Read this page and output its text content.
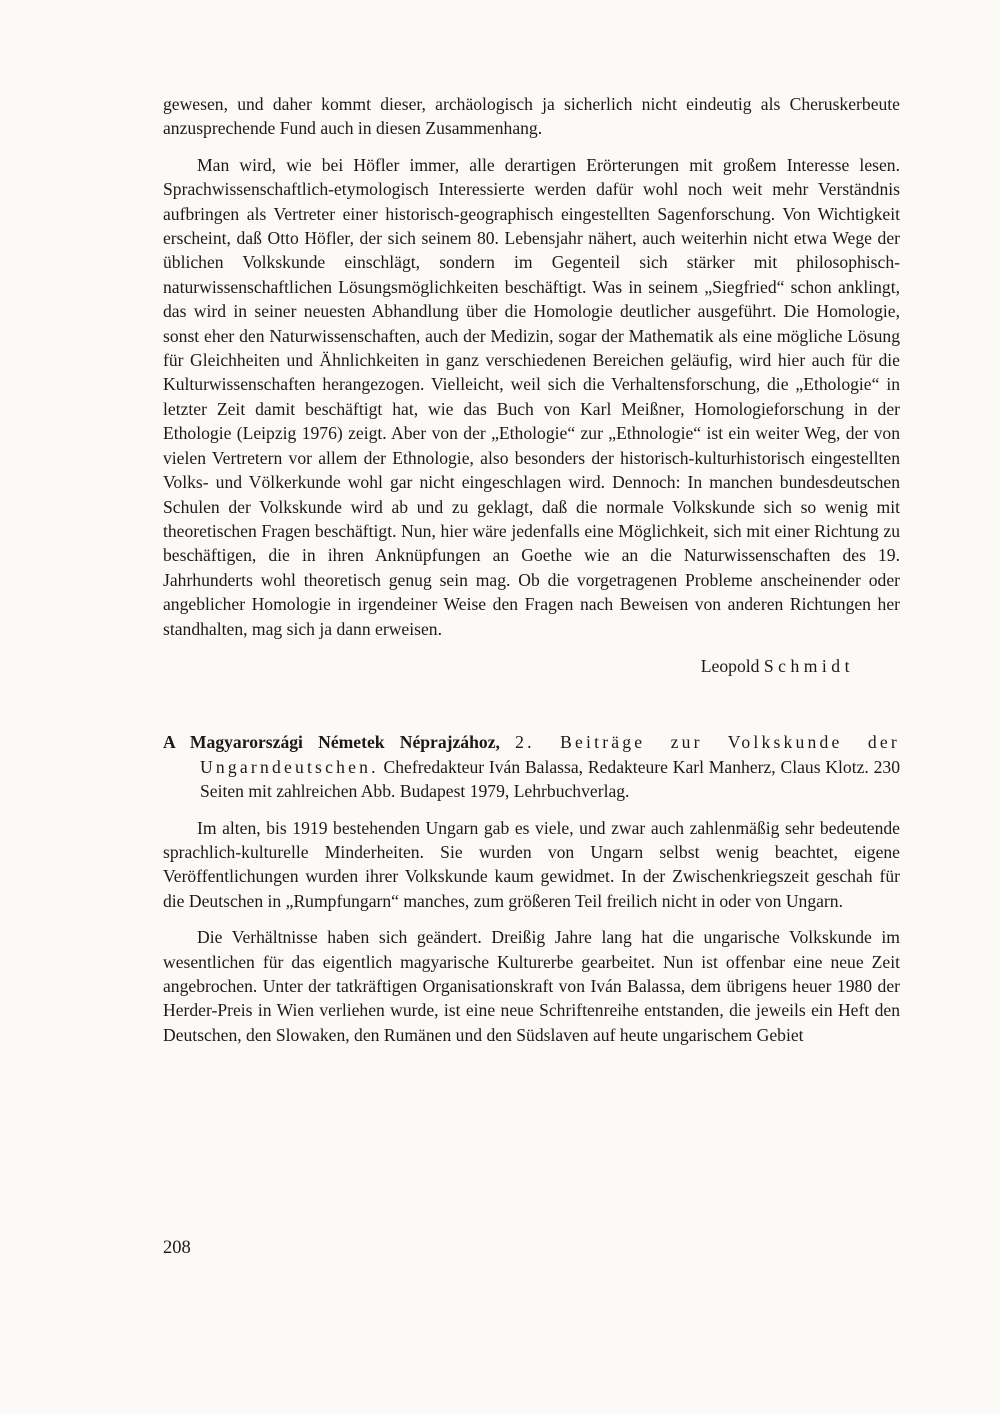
gewesen, und daher kommt dieser, archäologisch ja sicherlich nicht eindeutig als Cheruskerbeute anzusprechende Fund auch in diesen Zusammenhang.

Man wird, wie bei Höfler immer, alle derartigen Erörterungen mit großem Interesse lesen. Sprachwissenschaftlich-etymologisch Interessierte werden dafür wohl noch weit mehr Verständnis aufbringen als Vertreter einer historisch-geographisch eingestellten Sagenforschung. Von Wichtigkeit erscheint, daß Otto Höfler, der sich seinem 80. Lebensjahr nähert, auch weiterhin nicht etwa Wege der üblichen Volkskunde einschlägt, sondern im Gegenteil sich stärker mit philosophisch-naturwissenschaftlichen Lösungsmöglichkeiten beschäftigt. Was in seinem „Siegfried“ schon anklingt, das wird in seiner neuesten Abhandlung über die Homologie deutlicher ausgeführt. Die Homologie, sonst eher den Naturwissenschaften, auch der Medizin, sogar der Mathematik als eine mögliche Lösung für Gleichheiten und Ähnlichkeiten in ganz verschiedenen Bereichen geläufig, wird hier auch für die Kulturwissenschaften herangezogen. Vielleicht, weil sich die Verhaltensforschung, die „Ethologie“ in letzter Zeit damit beschäftigt hat, wie das Buch von Karl Meißner, Homologieforschung in der Ethologie (Leipzig 1976) zeigt. Aber von der „Ethologie“ zur „Ethnologie“ ist ein weiter Weg, der von vielen Vertretern vor allem der Ethnologie, also besonders der historisch-kulturhistorisch eingestellten Volks- und Völkerkunde wohl gar nicht eingeschlagen wird. Dennoch: In manchen bundesdeutschen Schulen der Volkskunde wird ab und zu geklagt, daß die normale Volkskunde sich so wenig mit theoretischen Fragen beschäftigt. Nun, hier wäre jedenfalls eine Möglichkeit, sich mit einer Richtung zu beschäftigen, die in ihren Anknüpfungen an Goethe wie an die Naturwissenschaften des 19. Jahrhunderts wohl theoretisch genug sein mag. Ob die vorgetragenen Probleme anscheinender oder angeblicher Homologie in irgendeiner Weise den Fragen nach Beweisen von anderen Richtungen her standhalten, mag sich ja dann erweisen.

Leopold Schmidt

A Magyarországi Németek Néprajzához, 2. Beiträge zur Volkskunde der Ungarndeutschen. Chefredakteur Iván Balassa, Redakteure Karl Manherz, Claus Klotz. 230 Seiten mit zahlreichen Abb. Budapest 1979, Lehrbuchverlag.

Im alten, bis 1919 bestehenden Ungarn gab es viele, und zwar auch zahlenmäßig sehr bedeutende sprachlich-kulturelle Minderheiten. Sie wurden von Ungarn selbst wenig beachtet, eigene Veröffentlichungen wurden ihrer Volkskunde kaum gewidmet. In der Zwischenkriegszeit geschah für die Deutschen in „Rumpfungarn“ manches, zum größeren Teil freilich nicht in oder von Ungarn.

Die Verhältnisse haben sich geändert. Dreißig Jahre lang hat die ungarische Volkskunde im wesentlichen für das eigentlich magyarische Kulturerbe gearbeitet. Nun ist offenbar eine neue Zeit angebrochen. Unter der tatkräftigen Organisationskraft von Iván Balassa, dem übrigens heuer 1980 der Herder-Preis in Wien verliehen wurde, ist eine neue Schriftenreihe entstanden, die jeweils ein Heft den Deutschen, den Slowaken, den Rumänen und den Südslaven auf heute ungarischem Gebiet

208
